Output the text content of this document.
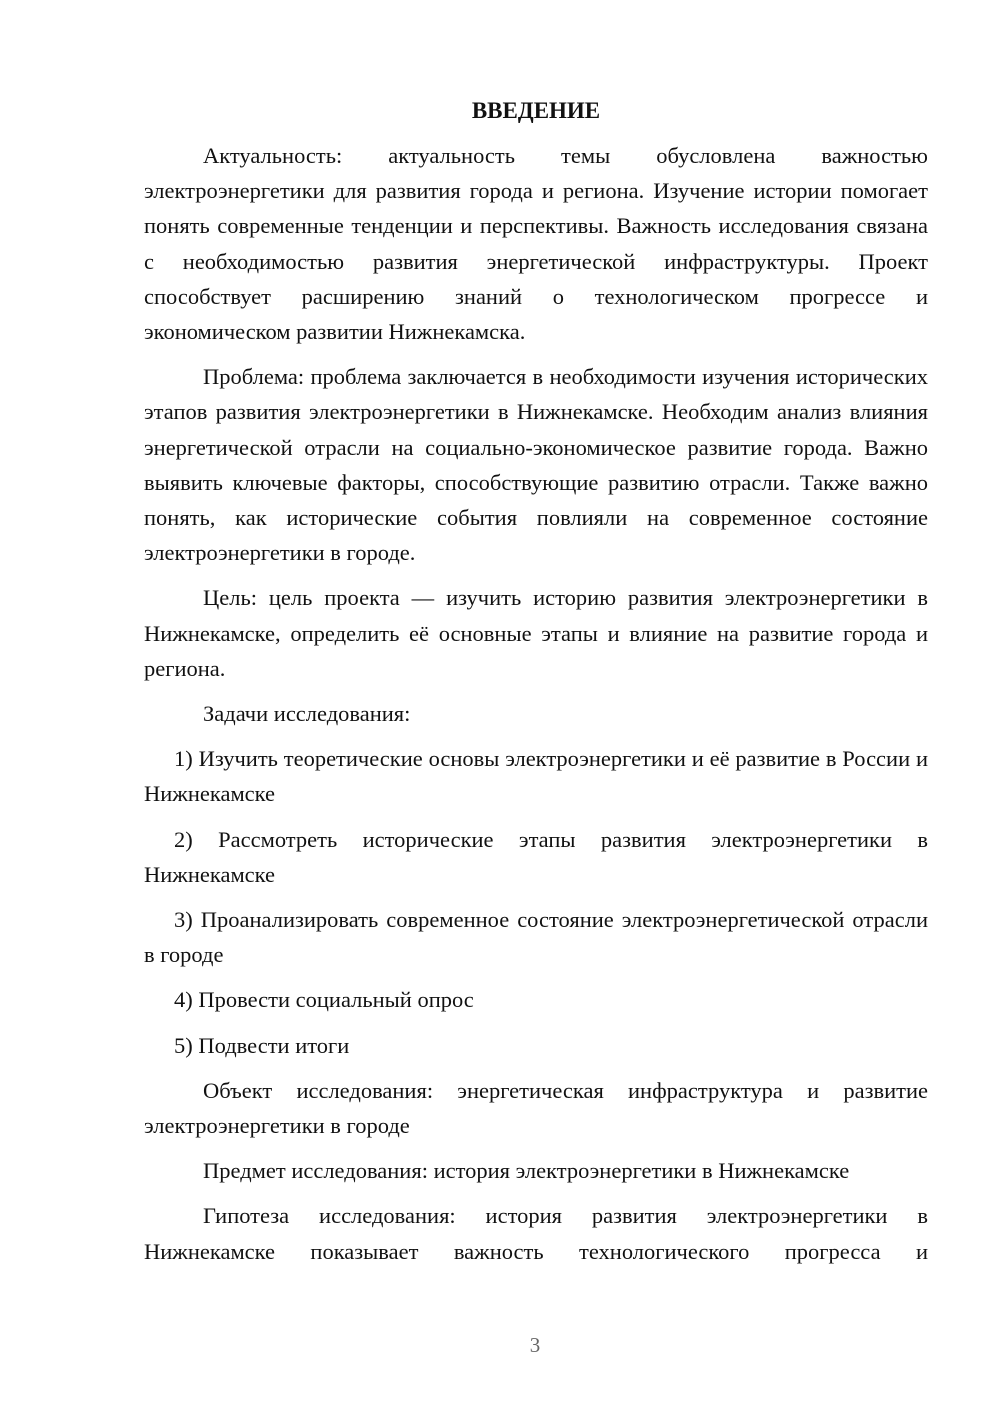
ВВЕДЕНИЕ

Актуальность: актуальность темы обусловлена важностью электроэнергетики для развития города и региона. Изучение истории помогает понять современные тенденции и перспективы. Важность исследования связана с необходимостью развития энергетической инфраструктуры. Проект способствует расширению знаний о технологическом прогрессе и экономическом развитии Нижнекамска.

Проблема: проблема заключается в необходимости изучения исторических этапов развития электроэнергетики в Нижнекамске. Необходим анализ влияния энергетической отрасли на социально-экономическое развитие города. Важно выявить ключевые факторы, способствующие развитию отрасли. Также важно понять, как исторические события повлияли на современное состояние электроэнергетики в городе.

Цель: цель проекта — изучить историю развития электроэнергетики в Нижнекамске, определить её основные этапы и влияние на развитие города и региона.

Задачи исследования:

1) Изучить теоретические основы электроэнергетики и её развитие в России и Нижнекамске

2) Рассмотреть исторические этапы развития электроэнергетики в Нижнекамске

3) Проанализировать современное состояние электроэнергетической отрасли в городе

4) Провести социальный опрос

5) Подвести итоги

Объект исследования: энергетическая инфраструктура и развитие электроэнергетики в городе

Предмет исследования: история электроэнергетики в Нижнекамске

Гипотеза исследования: история развития электроэнергетики в Нижнекамске показывает важность технологического прогресса и

3
